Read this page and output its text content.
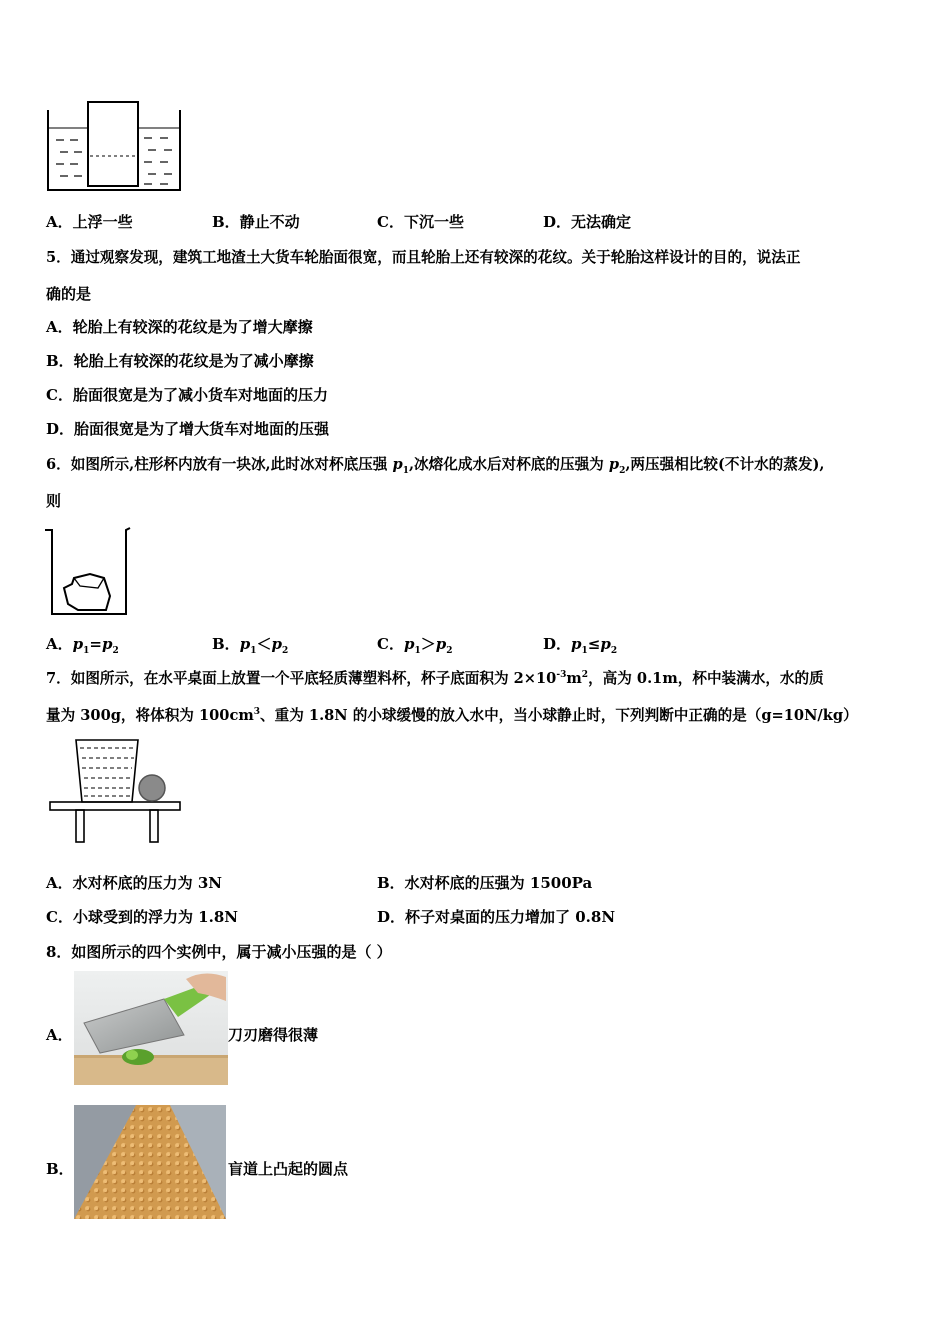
A．上浮一些	B．静止不动	C．下沉一些	D．无法确定
5．通过观察发现，建筑工地渣土大货车轮胎面很宽，而且轮胎上还有较深的花纹。关于轮胎这样设计的目的，说法正
确的是
A．轮胎上有较深的花纹是为了增大摩擦
B．轮胎上有较深的花纹是为了减小摩擦
C．胎面很宽是为了减小货车对地面的压力
D．胎面很宽是为了增大货车对地面的压强
6．如图所示,柱形杯内放有一块冰,此时冰对杯底压强 $p_1$,冰熔化成水后对杯底的压强为 $p_2$,两压强相比较(不计水的蒸发),
则
A．$p_1=p_2$	B．$p_1<p_2$	C．$p_1>p_2$	D．$p_1\le p_2$
7．如图所示，在水平桌面上放置一个平底轻质薄塑料杯，杯子底面积为 $2\times 10^{-3}m^2$，高为 0.1m，杯中装满水，水的质
量为 300g，将体积为 $100cm^3$、重为 1.8N 的小球缓慢的放入水中，当小球静止时，下列判断中正确的是（g=10N/kg）
A．水对杯底的压力为 3N	B．水对杯底的压强为 1500Pa
C．小球受到的浮力为 1.8N	D．杯子对桌面的压力增加了 0.8N
8．如图所示的四个实例中，属于减小压强的是（ ）
A．	刀刃磨得很薄
B．	盲道上凸起的圆点
